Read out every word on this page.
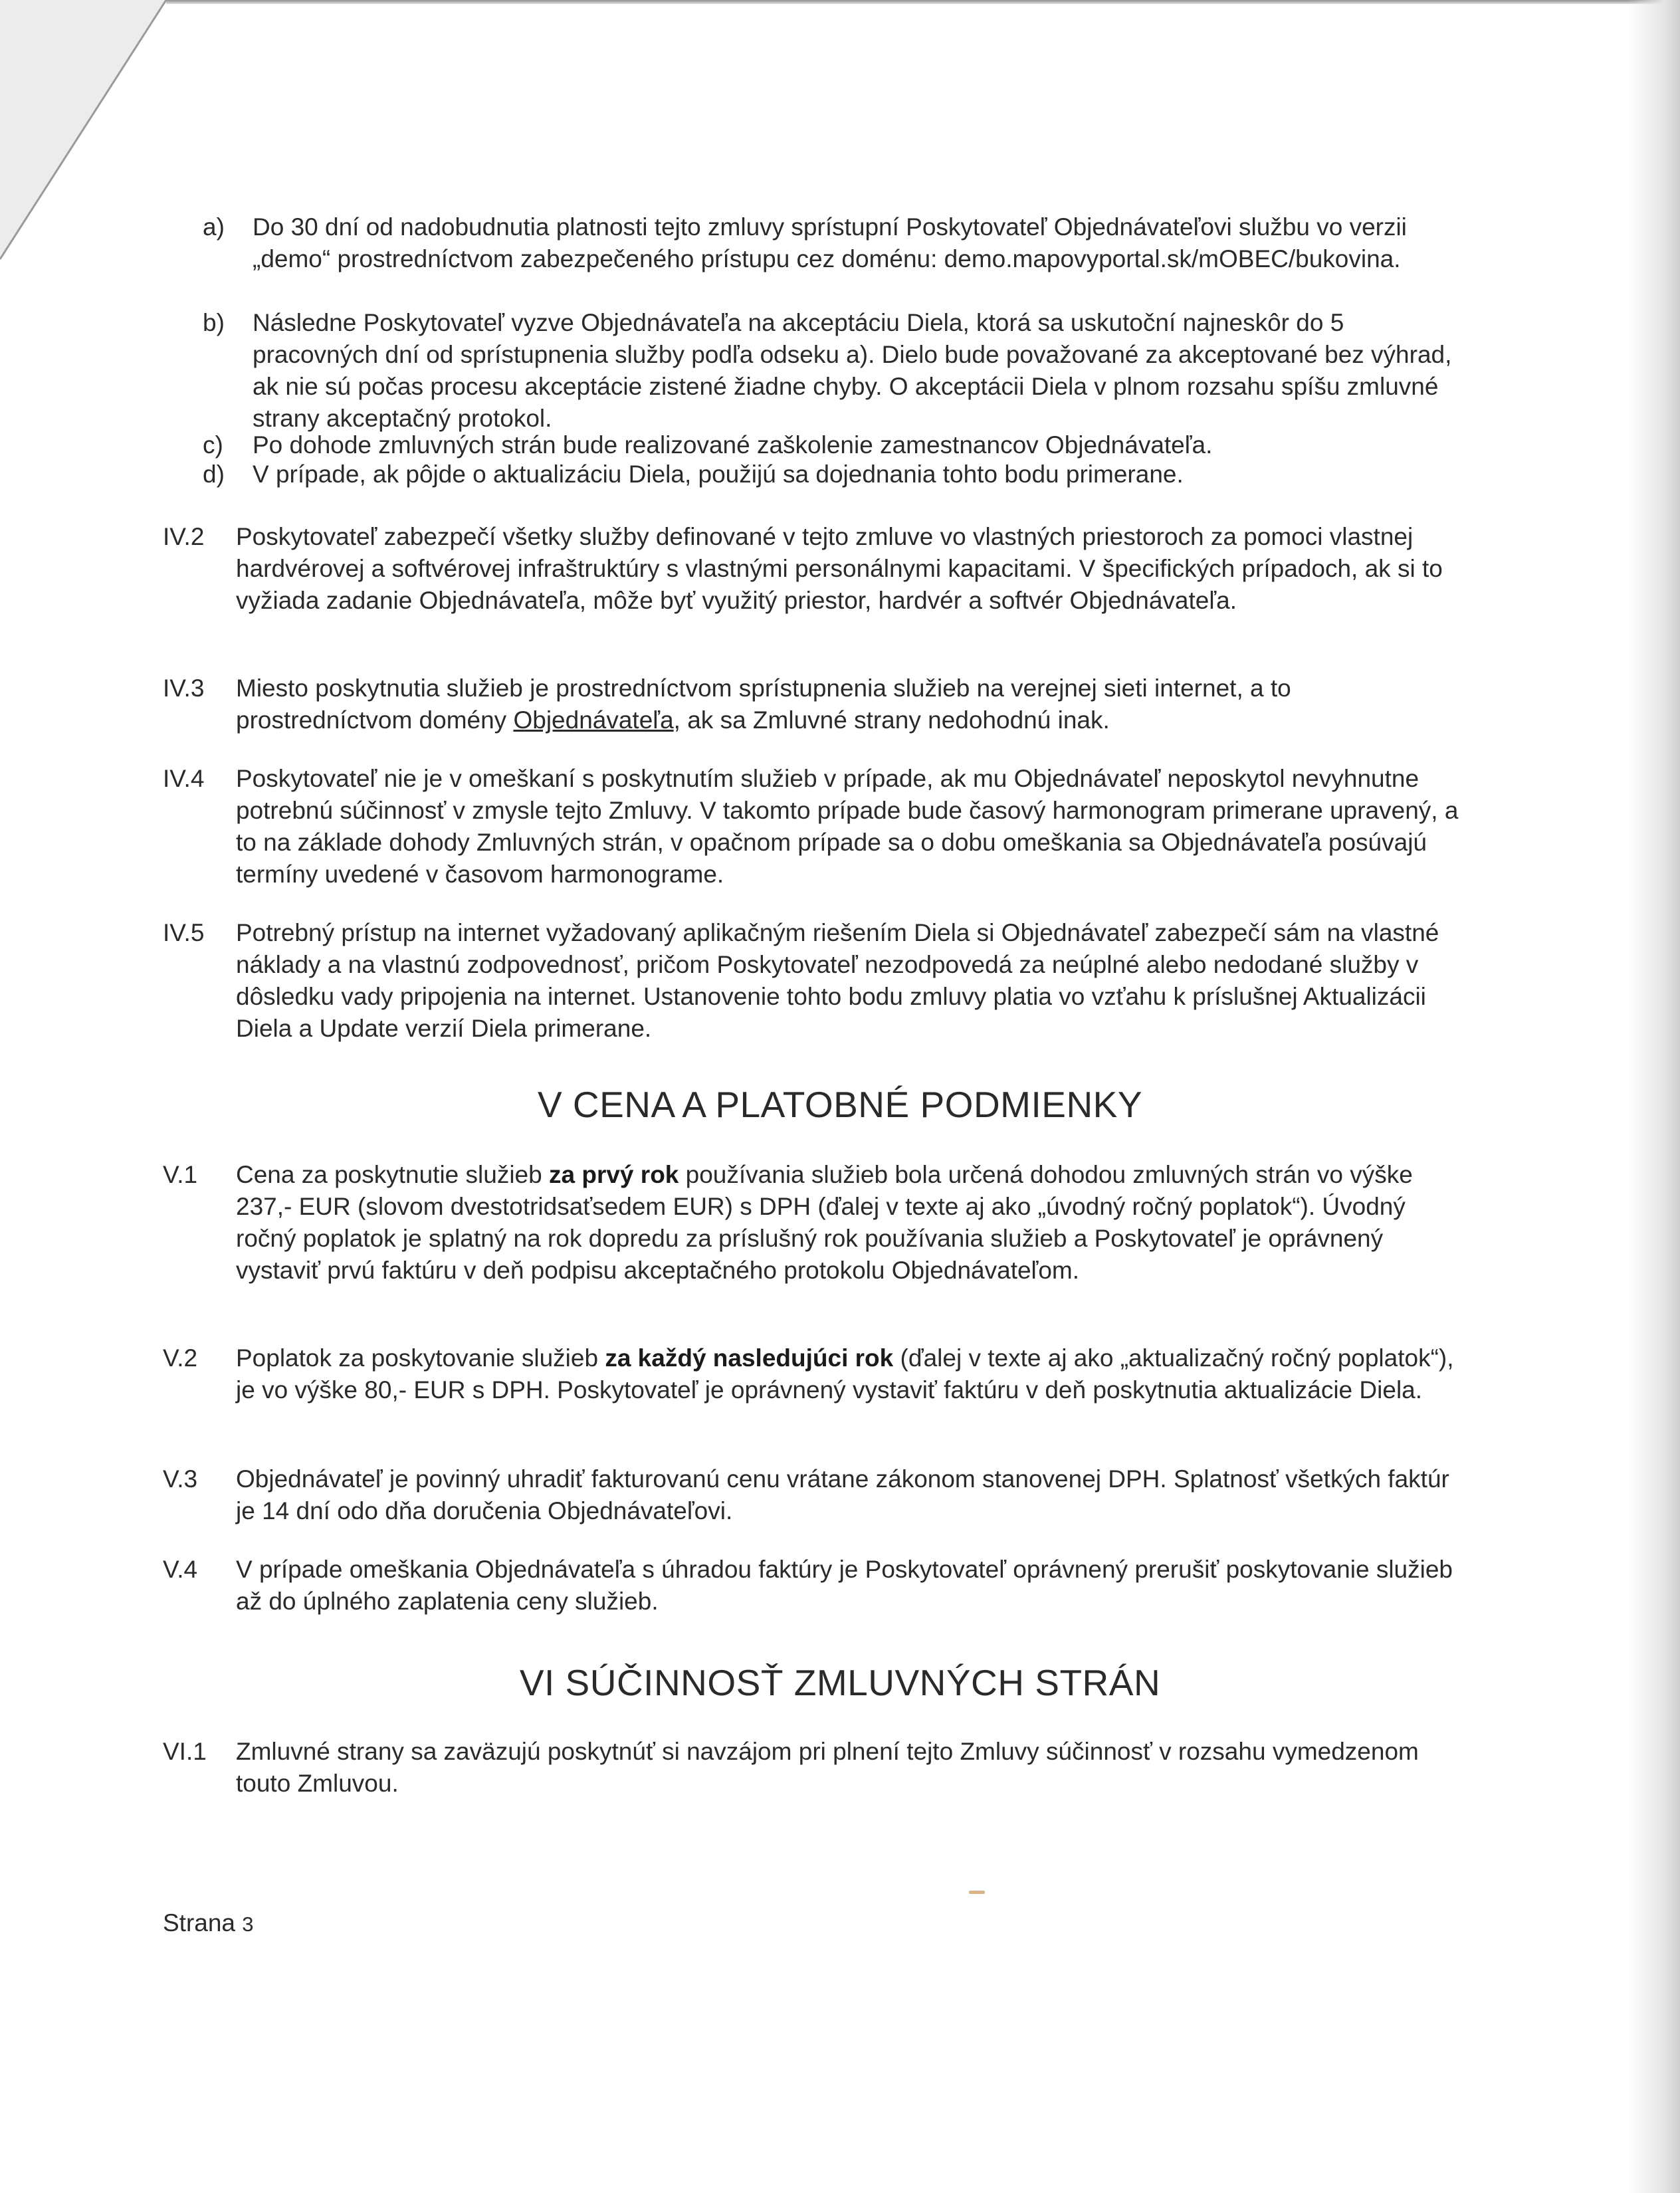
a)	Do 30 dní od nadobudnutia platnosti tejto zmluvy sprístupní Poskytovateľ Objednávateľovi službu vo verzii „demo“ prostredníctvom zabezpečeného prístupu cez doménu: demo.mapovyportal.sk/mOBEC/bukovina.
b)	Následne Poskytovateľ vyzve Objednávateľa na akceptáciu Diela, ktorá sa uskutoční najneskôr do 5 pracovných dní od sprístupnenia služby podľa odseku a). Dielo bude považované za akceptované bez výhrad, ak nie sú počas procesu akceptácie zistené žiadne chyby. O akceptácii Diela v plnom rozsahu spíšu zmluvné strany akceptačný protokol.
c)	Po dohode zmluvných strán bude realizované zaškolenie zamestnancov Objednávateľa.
d)	V prípade, ak pôjde o aktualizáciu Diela, použijú sa dojednania tohto bodu primerane.
IV.2	Poskytovateľ zabezpečí všetky služby definované v tejto zmluve vo vlastných priestoroch za pomoci vlastnej hardvérovej a softvérovej infraštruktúry s vlastnými personálnymi kapacitami. V špecifických prípadoch, ak si to vyžiada zadanie Objednávateľa, môže byť využitý priestor, hardvér a softvér Objednávateľa.
IV.3	Miesto poskytnutia služieb je prostredníctvom sprístupnenia služieb na verejnej sieti internet, a to prostredníctvom domény Objednávateľa, ak sa Zmluvné strany nedohodnú inak.
IV.4	Poskytovateľ nie je v omeškaní s poskytnutím služieb v prípade, ak mu Objednávateľ neposkytol nevyhnutne potrebnú súčinnosť v zmysle tejto Zmluvy. V takomto prípade bude časový harmonogram primerane upravený, a to na základe dohody Zmluvných strán, v opačnom prípade sa o dobu omeškania sa Objednávateľa posúvajú termíny uvedené v časovom harmonograme.
IV.5	Potrebný prístup na internet vyžadovaný aplikačným riešením Diela si Objednávateľ zabezpečí sám na vlastné náklady a na vlastnú zodpovednosť, pričom Poskytovateľ nezodpovedá za neúplné alebo nedodané služby v dôsledku vady pripojenia na internet. Ustanovenie tohto bodu zmluvy platia vo vzťahu k príslušnej Aktualizácii Diela a Update verzií Diela primerane.
V CENA A PLATOBNÉ PODMIENKY
V.1	Cena za poskytnutie služieb za prvý rok používania služieb bola určená dohodou zmluvných strán vo výške 237,- EUR (slovom dvestotridsaťsedem EUR) s DPH (ďalej v texte aj ako „úvodný ročný poplatok“). Úvodný ročný poplatok je splatný na rok dopredu za príslušný rok používania služieb a Poskytovateľ je oprávnený vystaviť prvú faktúru v deň podpisu akceptačného protokolu Objednávateľom.
V.2	Poplatok za poskytovanie služieb za každý nasledujúci rok (ďalej v texte aj ako „aktualizačný ročný poplatok“), je vo výške 80,- EUR s DPH. Poskytovateľ je oprávnený vystaviť faktúru v deň poskytnutia aktualizácie Diela.
V.3	Objednávateľ je povinný uhradiť fakturovanú cenu vrátane zákonom stanovenej DPH. Splatnosť všetkých faktúr je 14 dní odo dňa doručenia Objednávateľovi.
V.4	V prípade omeškania Objednávateľa s úhradou faktúry je Poskytovateľ oprávnený prerušiť poskytovanie služieb až do úplného zaplatenia ceny služieb.
VI SÚČINNOSŤ ZMLUVNÝCH STRÁN
VI.1	Zmluvné strany sa zaväzujú poskytnúť si navzájom pri plnení tejto Zmluvy súčinnosť v rozsahu vymedzenom touto Zmluvou.
Strana 3
